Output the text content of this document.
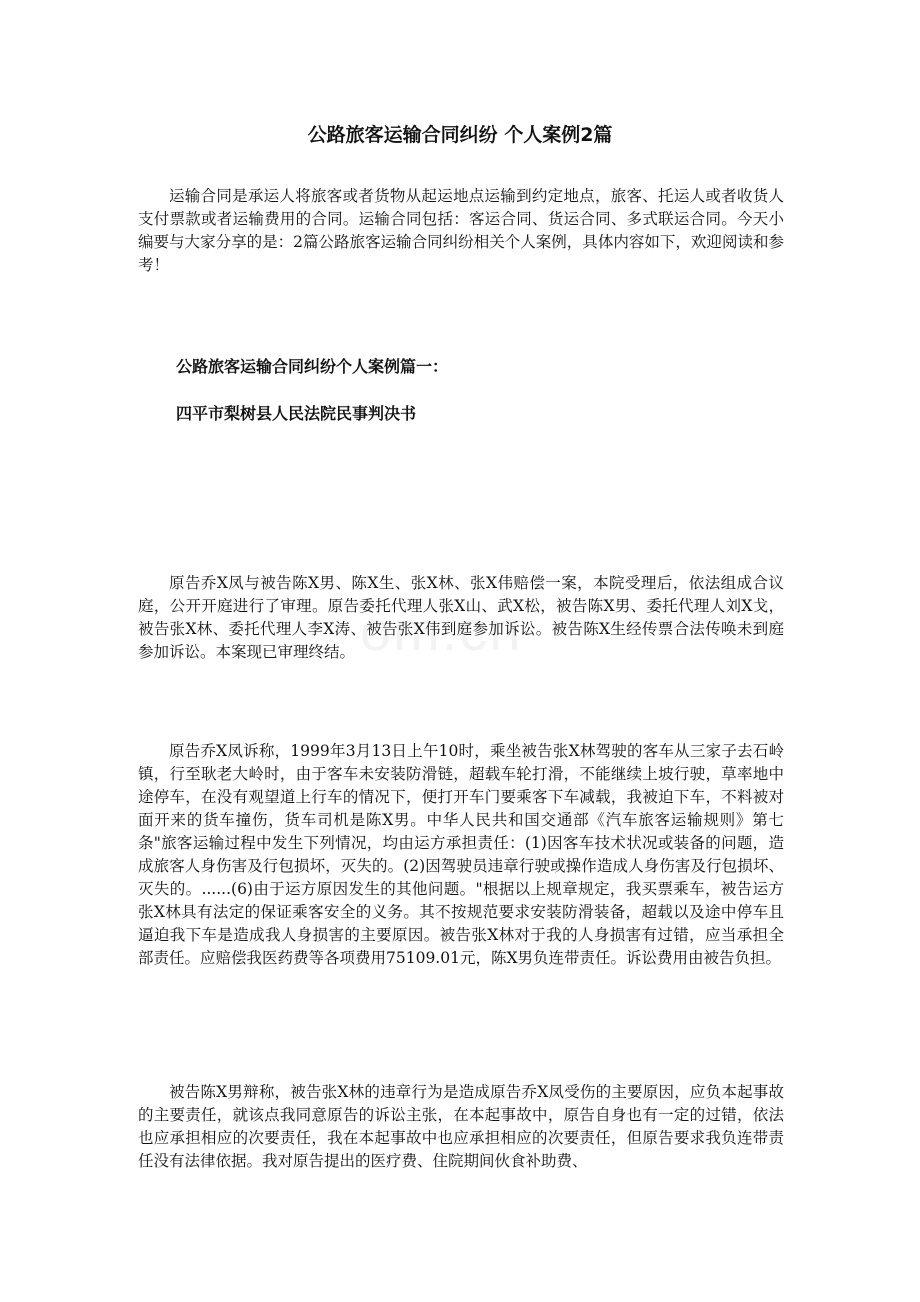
om.cn
公路旅客运输合同纠纷 个人案例2篇

运输合同是承运人将旅客或者货物从起运地点运输到约定地点，旅客、托运人或者收货人支付票款或者运输费用的合同。运输合同包括：客运合同、货运合同、多式联运合同。今天小编要与大家分享的是：2篇公路旅客运输合同纠纷相关个人案例，具体内容如下，欢迎阅读和参考！

公路旅客运输合同纠纷个人案例篇一：

四平市梨树县人民法院民事判决书

原告乔X凤与被告陈X男、陈X生、张X林、张X伟赔偿一案，本院受理后，依法组成合议庭，公开开庭进行了审理。原告委托代理人张X山、武X松，被告陈X男、委托代理人刘X戈，被告张X林、委托代理人李X涛、被告张X伟到庭参加诉讼。被告陈X生经传票合法传唤未到庭参加诉讼。本案现已审理终结。

原告乔X凤诉称，1999年3月13日上午10时，乘坐被告张X林驾驶的客车从三家子去石岭镇，行至耿老大岭时，由于客车未安装防滑链，超载车轮打滑，不能继续上坡行驶，草率地中途停车，在没有观望道上行车的情况下，便打开车门要乘客下车减载，我被迫下车，不料被对面开来的货车撞伤，货车司机是陈X男。中华人民共和国交通部《汽车旅客运输规则》第七条"旅客运输过程中发生下列情况，均由运方承担责任：(1)因客车技术状况或装备的问题，造成旅客人身伤害及行包损坏，灭失的。(2)因驾驶员违章行驶或操作造成人身伤害及行包损坏、灭失的。......(6)由于运方原因发生的其他问题。"根据以上规章规定，我买票乘车，被告运方张X林具有法定的保证乘客安全的义务。其不按规范要求安装防滑装备，超载以及途中停车且逼迫我下车是造成我人身损害的主要原因。被告张X林对于我的人身损害有过错，应当承担全部责任。应赔偿我医药费等各项费用75109.01元，陈X男负连带责任。诉讼费用由被告负担。

被告陈X男辩称，被告张X林的违章行为是造成原告乔X凤受伤的主要原因，应负本起事故的主要责任，就该点我同意原告的诉讼主张，在本起事故中，原告自身也有一定的过错，依法也应承担相应的次要责任，我在本起事故中也应承担相应的次要责任，但原告要求我负连带责任没有法律依据。我对原告提出的医疗费、住院期间伙食补助费、
